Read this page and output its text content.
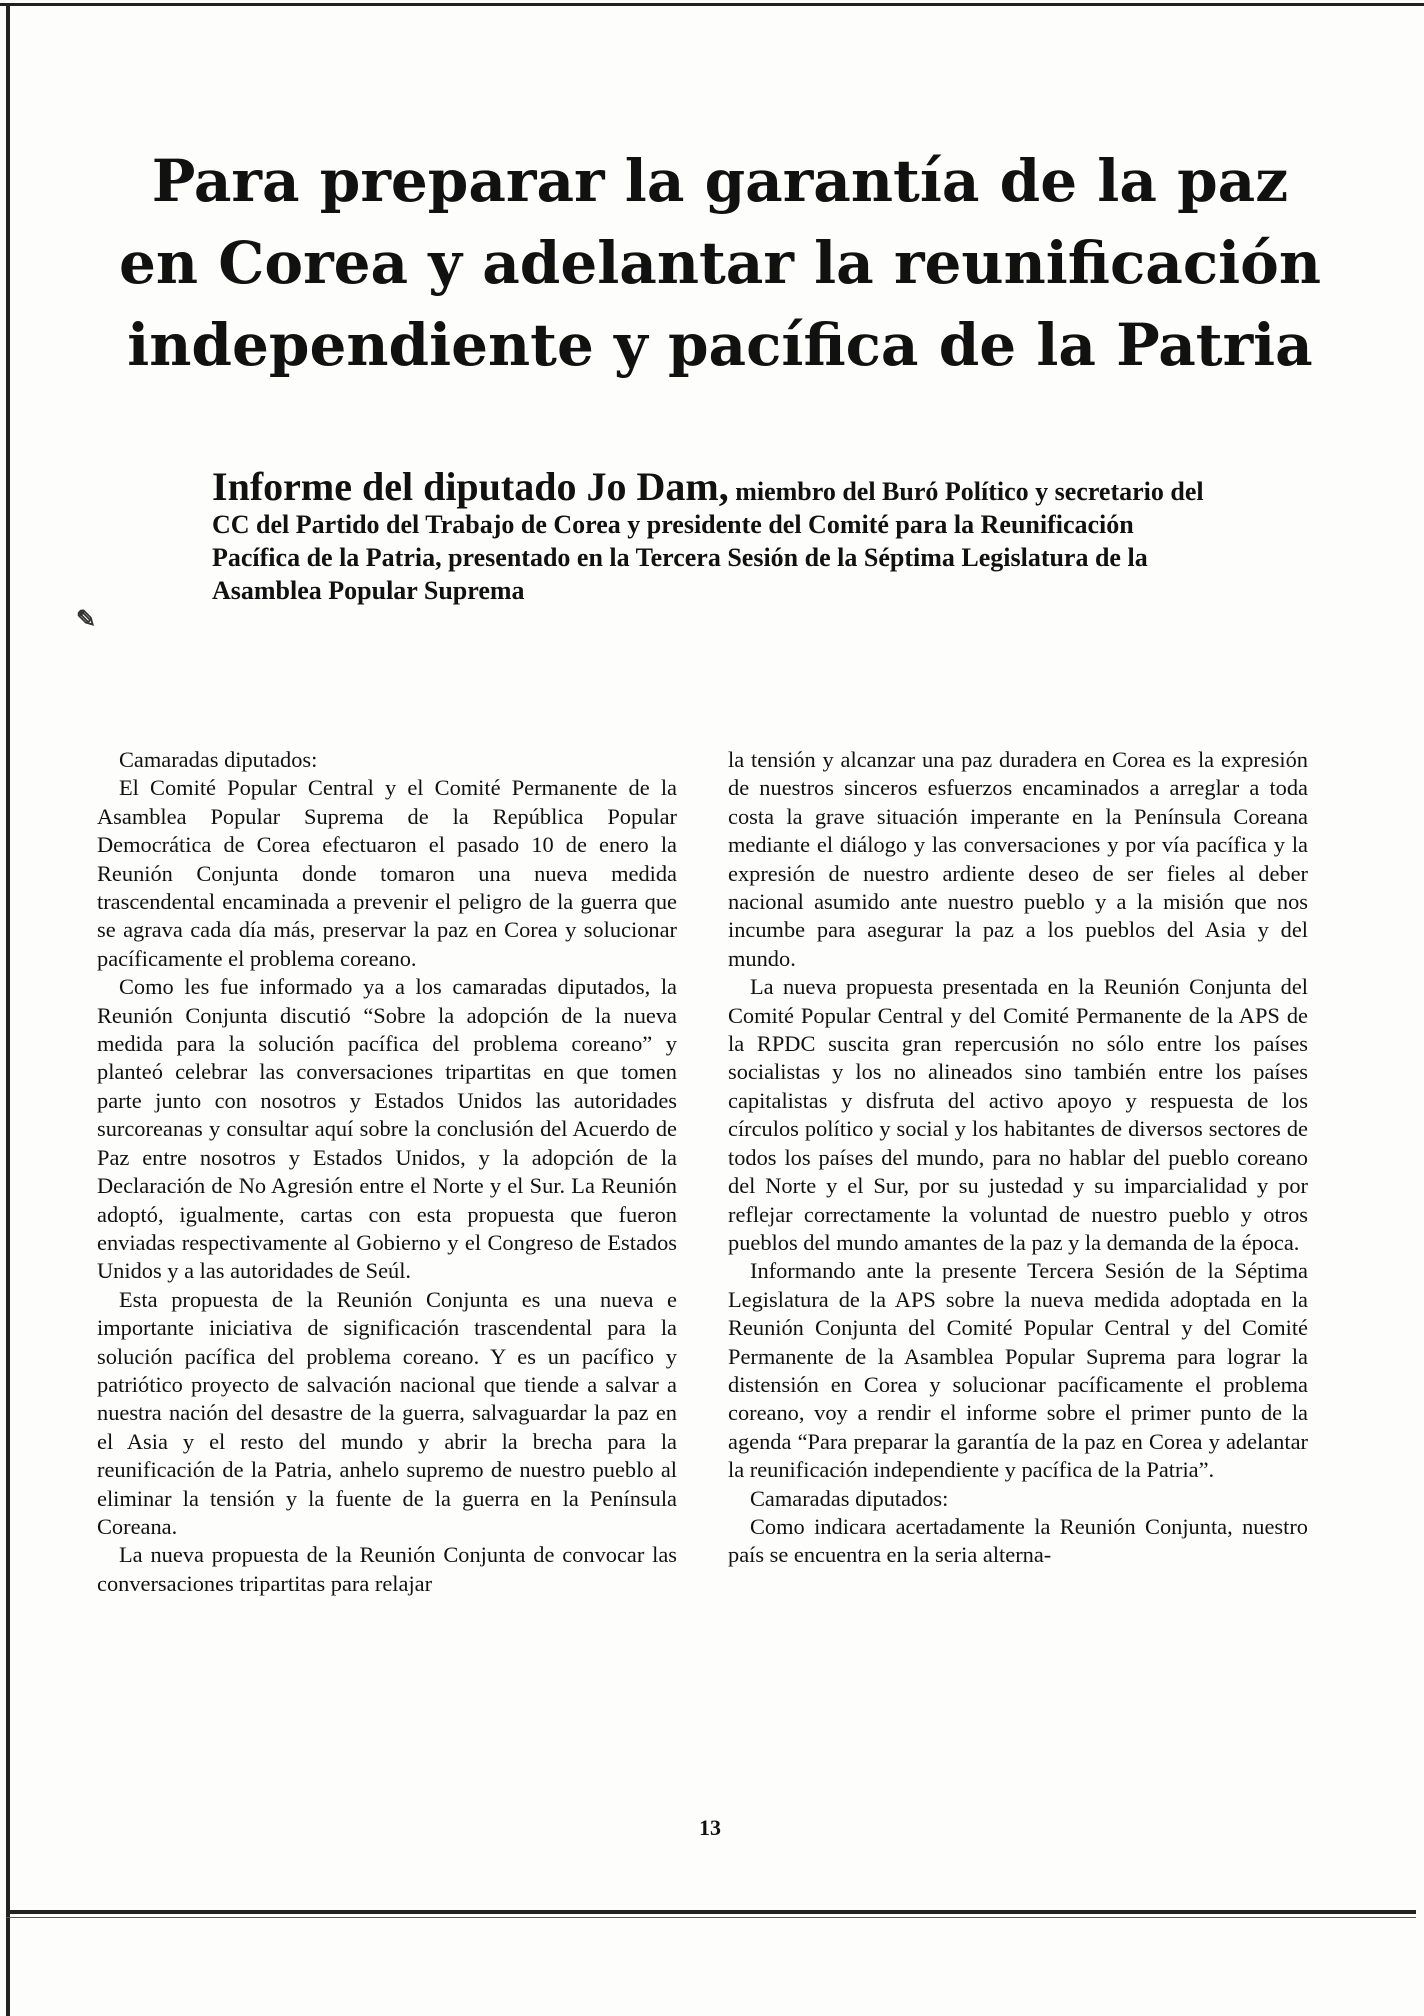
Para preparar la garantía de la paz
en Corea y adelantar la reunificación
independiente y pacífica de la Patria
Informe del diputado Jo Dam, miembro del Buró Político y secretario del CC del Partido del Trabajo de Corea y presidente del Comité para la Reunificación Pacífica de la Patria, presentado en la Tercera Sesión de la Séptima Legislatura de la Asamblea Popular Suprema
✎

Camaradas diputados:

El Comité Popular Central y el Comité Permanente de la Asamblea Popular Suprema de la República Popular Democrática de Corea efectuaron el pasado 10 de enero la Reunión Conjunta donde tomaron una nueva medida trascendental encaminada a prevenir el peligro de la guerra que se agrava cada día más, preservar la paz en Corea y solucionar pacíficamente el problema coreano.

Como les fue informado ya a los camaradas diputados, la Reunión Conjunta discutió “Sobre la adopción de la nueva medida para la solución pacífica del problema coreano” y planteó celebrar las conversaciones tripartitas en que tomen parte junto con nosotros y Estados Unidos las autoridades surcoreanas y consultar aquí sobre la conclusión del Acuerdo de Paz entre nosotros y Estados Unidos, y la adopción de la Declaración de No Agresión entre el Norte y el Sur. La Reunión adoptó, igualmente, cartas con esta propuesta que fueron enviadas respectivamente al Gobierno y el Congreso de Estados Unidos y a las autoridades de Seúl.

Esta propuesta de la Reunión Conjunta es una nueva e importante iniciativa de significación trascendental para la solución pacífica del problema coreano. Y es un pacífico y patriótico proyecto de salvación nacional que tiende a salvar a nuestra nación del desastre de la guerra, salvaguardar la paz en el Asia y el resto del mundo y abrir la brecha para la reunificación de la Patria, anhelo supremo de nuestro pueblo al eliminar la tensión y la fuente de la guerra en la Península Coreana.

La nueva propuesta de la Reunión Conjunta de convocar las conversaciones tripartitas para relajar

la tensión y alcanzar una paz duradera en Corea es la expresión de nuestros sinceros esfuerzos encaminados a arreglar a toda costa la grave situación imperante en la Península Coreana mediante el diálogo y las conversaciones y por vía pacífica y la expresión de nuestro ardiente deseo de ser fieles al deber nacional asumido ante nuestro pueblo y a la misión que nos incumbe para asegurar la paz a los pueblos del Asia y del mundo.

La nueva propuesta presentada en la Reunión Conjunta del Comité Popular Central y del Comité Permanente de la APS de la RPDC suscita gran repercusión no sólo entre los países socialistas y los no alineados sino también entre los países capitalistas y disfruta del activo apoyo y respuesta de los círculos político y social y los habitantes de diversos sectores de todos los países del mundo, para no hablar del pueblo coreano del Norte y el Sur, por su justedad y su imparcialidad y por reflejar correctamente la voluntad de nuestro pueblo y otros pueblos del mundo amantes de la paz y la demanda de la época.

Informando ante la presente Tercera Sesión de la Séptima Legislatura de la APS sobre la nueva medida adoptada en la Reunión Conjunta del Comité Popular Central y del Comité Permanente de la Asamblea Popular Suprema para lograr la distensión en Corea y solucionar pacíficamente el problema coreano, voy a rendir el informe sobre el primer punto de la agenda “Para preparar la garantía de la paz en Corea y adelantar la reunificación independiente y pacífica de la Patria”.

Camaradas diputados:

Como indicara acertadamente la Reunión Conjunta, nuestro país se encuentra en la seria alterna-

13
